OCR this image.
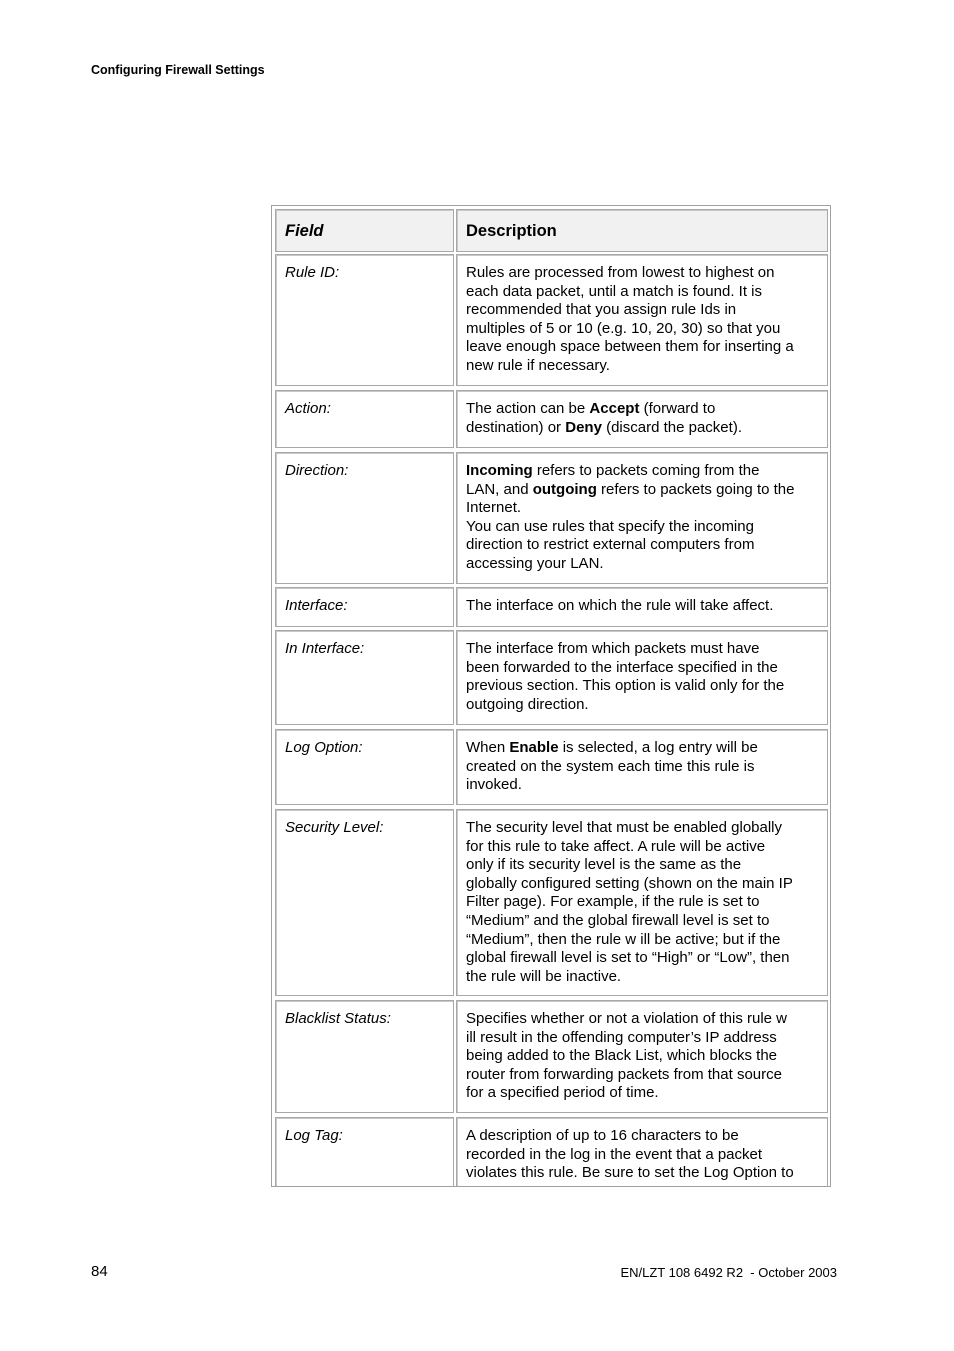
Configuring Firewall Settings
Field	Description
Rule ID:	Rules are processed from lowest to highest on
each data packet, until a match is found. It is
recommended that you assign rule Ids in
multiples of 5 or 10 (e.g. 10, 20, 30) so that you
leave enough space between them for inserting a
new rule if necessary.
Action:	The action can be Accept (forward to
destination) or Deny (discard the packet).
Direction:	Incoming refers to packets coming from the
LAN, and outgoing refers to packets going to the
Internet.
You can use rules that specify the incoming
direction to restrict external computers from
accessing your LAN.
Interface:	The interface on which the rule will take affect.
In Interface:	The interface from which packets must have
been forwarded to the interface specified in the
previous section. This option is valid only for the
outgoing direction.
Log Option:	When Enable is selected, a log entry will be
created on the system each time this rule is
invoked.
Security Level:	The security level that must be enabled globally
for this rule to take affect. A rule will be active
only if its security level is the same as the
globally configured setting (shown on the main IP
Filter page). For example, if the rule is set to
“Medium” and the global firewall level is set to
“Medium”, then the rule w ill be active; but if the
global firewall level is set to “High” or “Low”, then
the rule will be inactive.
Blacklist Status:	Specifies whether or not a violation of this rule w
ill result in the offending computer’s IP address
being added to the Black List, which blocks the
router from forwarding packets from that source
for a specified period of time.
Log Tag:	A description of up to 16 characters to be
recorded in the log in the event that a packet
violates this rule. Be sure to set the Log Option to
84	EN/LZT 108 6492 R2  - October 2003
